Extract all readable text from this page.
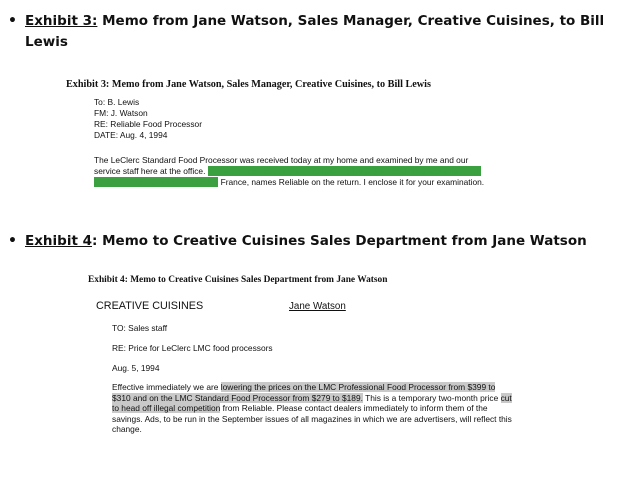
• Exhibit 3: Memo from Jane Watson, Sales Manager, Creative Cuisines, to Bill
Lewis
Exhibit 3: Memo from Jane Watson, Sales Manager, Creative Cuisines, to Bill Lewis
To: B. Lewis
FM: J. Watson
RE: Reliable Food Processor
DATE: Aug. 4, 1994
The LeClerc Standard Food Processor was received today at my home and examined by me and our service staff here at the office. It is without a doubt a genuine LeClerc LMC Standard. The warranty card, signed in France, names Reliable France, names Reliable on the return. I enclose it for your examination.
• Exhibit 4: Memo to Creative Cuisines Sales Department from Jane Watson
Exhibit 4: Memo to Creative Cuisines Sales Department from Jane Watson
CREATIVE CUISINES	Jane Watson
TO: Sales staff
RE: Price for LeClerc LMC food processors
Aug. 5, 1994
Effective immediately we are lowering the prices on the LMC Professional Food Processor from $399 to $310 and on the LMC Standard Food Processor from $279 to $189. This is a temporary two-month price cut to head off illegal competition from Reliable. Please contact dealers immediately to inform them of the savings. Ads, to be run in the September issues of all magazines in which we are advertisers, will reflect this change.
